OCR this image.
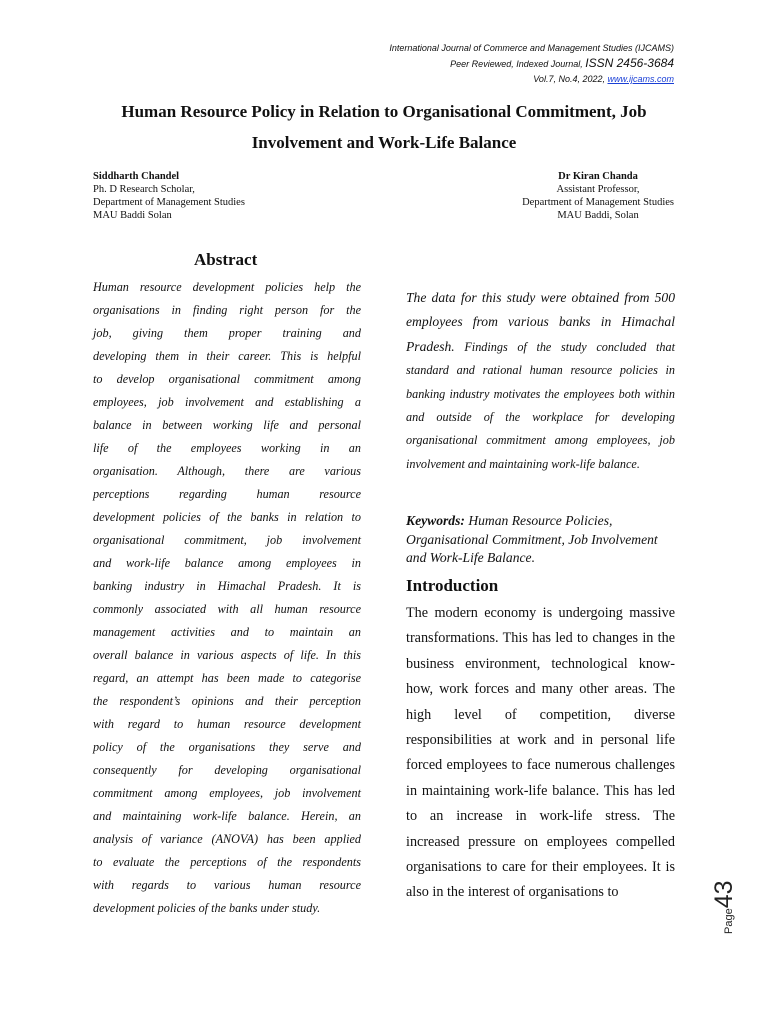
International Journal of Commerce and Management Studies (IJCAMS)
Peer Reviewed, Indexed Journal, ISSN 2456-3684
Vol.7, No.4, 2022, www.ijcams.com
Human Resource Policy in Relation to Organisational Commitment, Job
Involvement and Work-Life Balance
Siddharth Chandel
Ph. D Research Scholar,
Department of Management Studies
MAU Baddi Solan
Dr Kiran Chanda
Assistant Professor,
Department of Management Studies
MAU Baddi, Solan
Abstract
Human resource development policies help the
organisations in finding right person for the
job, giving them proper training and
developing them in their career. This is helpful
to develop organisational commitment among
employees, job involvement and establishing a
balance in between working life and personal
life of the employees working in an
organisation. Although, there are various
perceptions regarding human resource
development policies of the banks in relation to
organisational commitment, job involvement
and work-life balance among employees in
banking industry in Himachal Pradesh. It is
commonly associated with all human resource
management activities and to maintain an
overall balance in various aspects of life. In this
regard, an attempt has been made to categorise
the respondent’s opinions and their perception
with regard to human resource development
policy of the organisations they serve and
consequently for developing organisational
commitment among employees, job involvement
and maintaining work-life balance. Herein, an
analysis of variance (ANOVA) has been applied
to evaluate the perceptions of the respondents
with regards to various human resource
development policies of the banks under study.
The data for this study were obtained from 500 employees from various banks in Himachal Pradesh. Findings of the study concluded that standard and rational human resource policies in banking industry motivates the employees both within and outside of the workplace for developing organisational commitment among employees, job involvement and maintaining work-life balance.
Keywords: Human Resource Policies, Organisational Commitment, Job Involvement and Work-Life Balance.
Introduction
The modern economy is undergoing massive transformations. This has led to changes in the business environment, technological know-how, work forces and many other areas. The high level of competition, diverse responsibilities at work and in personal life forced employees to face numerous challenges in maintaining work-life balance. This has led to an increase in work-life stress. The increased pressure on employees compelled organisations to care for their employees. It is also in the interest of organisations to
Page43
